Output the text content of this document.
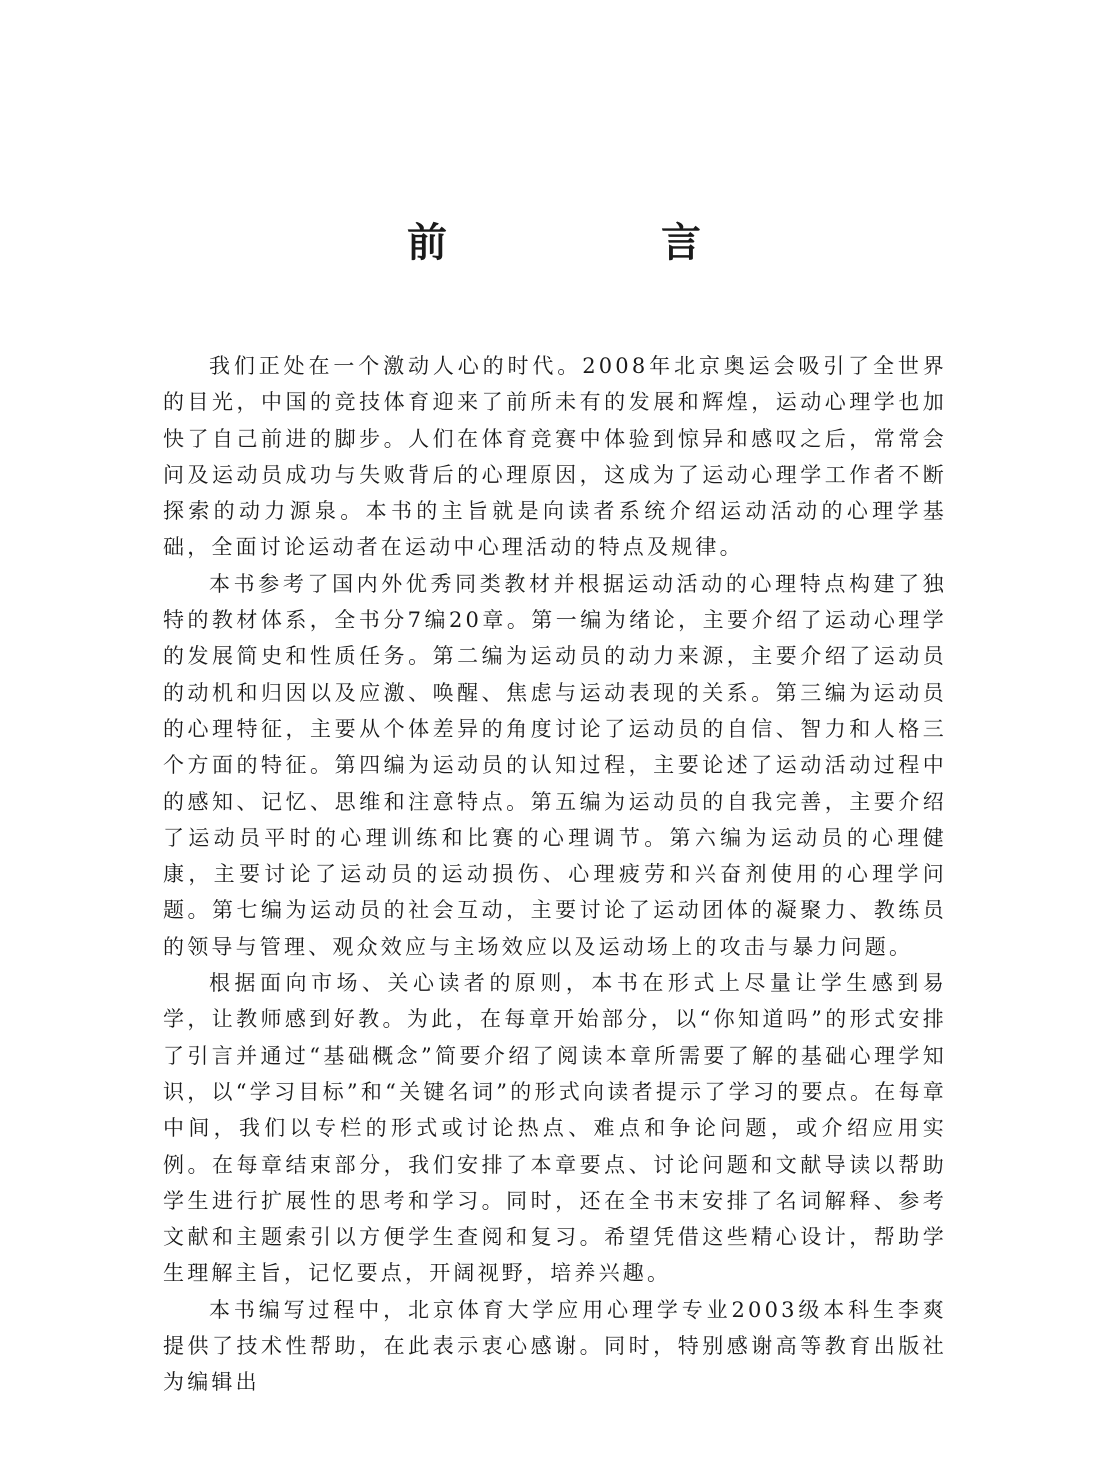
前 言

我们正处在一个激动人心的时代。2008年北京奥运会吸引了全世界的目光，中国的竞技体育迎来了前所未有的发展和辉煌，运动心理学也加快了自己前进的脚步。人们在体育竞赛中体验到惊异和感叹之后，常常会问及运动员成功与失败背后的心理原因，这成为了运动心理学工作者不断探索的动力源泉。本书的主旨就是向读者系统介绍运动活动的心理学基础，全面讨论运动者在运动中心理活动的特点及规律。

本书参考了国内外优秀同类教材并根据运动活动的心理特点构建了独特的教材体系，全书分7编20章。第一编为绪论，主要介绍了运动心理学的发展简史和性质任务。第二编为运动员的动力来源，主要介绍了运动员的动机和归因以及应激、唤醒、焦虑与运动表现的关系。第三编为运动员的心理特征，主要从个体差异的角度讨论了运动员的自信、智力和人格三个方面的特征。第四编为运动员的认知过程，主要论述了运动活动过程中的感知、记忆、思维和注意特点。第五编为运动员的自我完善，主要介绍了运动员平时的心理训练和比赛的心理调节。第六编为运动员的心理健康，主要讨论了运动员的运动损伤、心理疲劳和兴奋剂使用的心理学问题。第七编为运动员的社会互动，主要讨论了运动团体的凝聚力、教练员的领导与管理、观众效应与主场效应以及运动场上的攻击与暴力问题。

根据面向市场、关心读者的原则，本书在形式上尽量让学生感到易学，让教师感到好教。为此，在每章开始部分，以“你知道吗”的形式安排了引言并通过“基础概念”简要介绍了阅读本章所需要了解的基础心理学知识，以“学习目标”和“关键名词”的形式向读者提示了学习的要点。在每章中间，我们以专栏的形式或讨论热点、难点和争论问题，或介绍应用实例。在每章结束部分，我们安排了本章要点、讨论问题和文献导读以帮助学生进行扩展性的思考和学习。同时，还在全书末安排了名词解释、参考文献和主题索引以方便学生查阅和复习。希望凭借这些精心设计，帮助学生理解主旨，记忆要点，开阔视野，培养兴趣。

本书编写过程中，北京体育大学应用心理学专业2003级本科生李爽提供了技术性帮助，在此表示衷心感谢。同时，特别感谢高等教育出版社为编辑出
